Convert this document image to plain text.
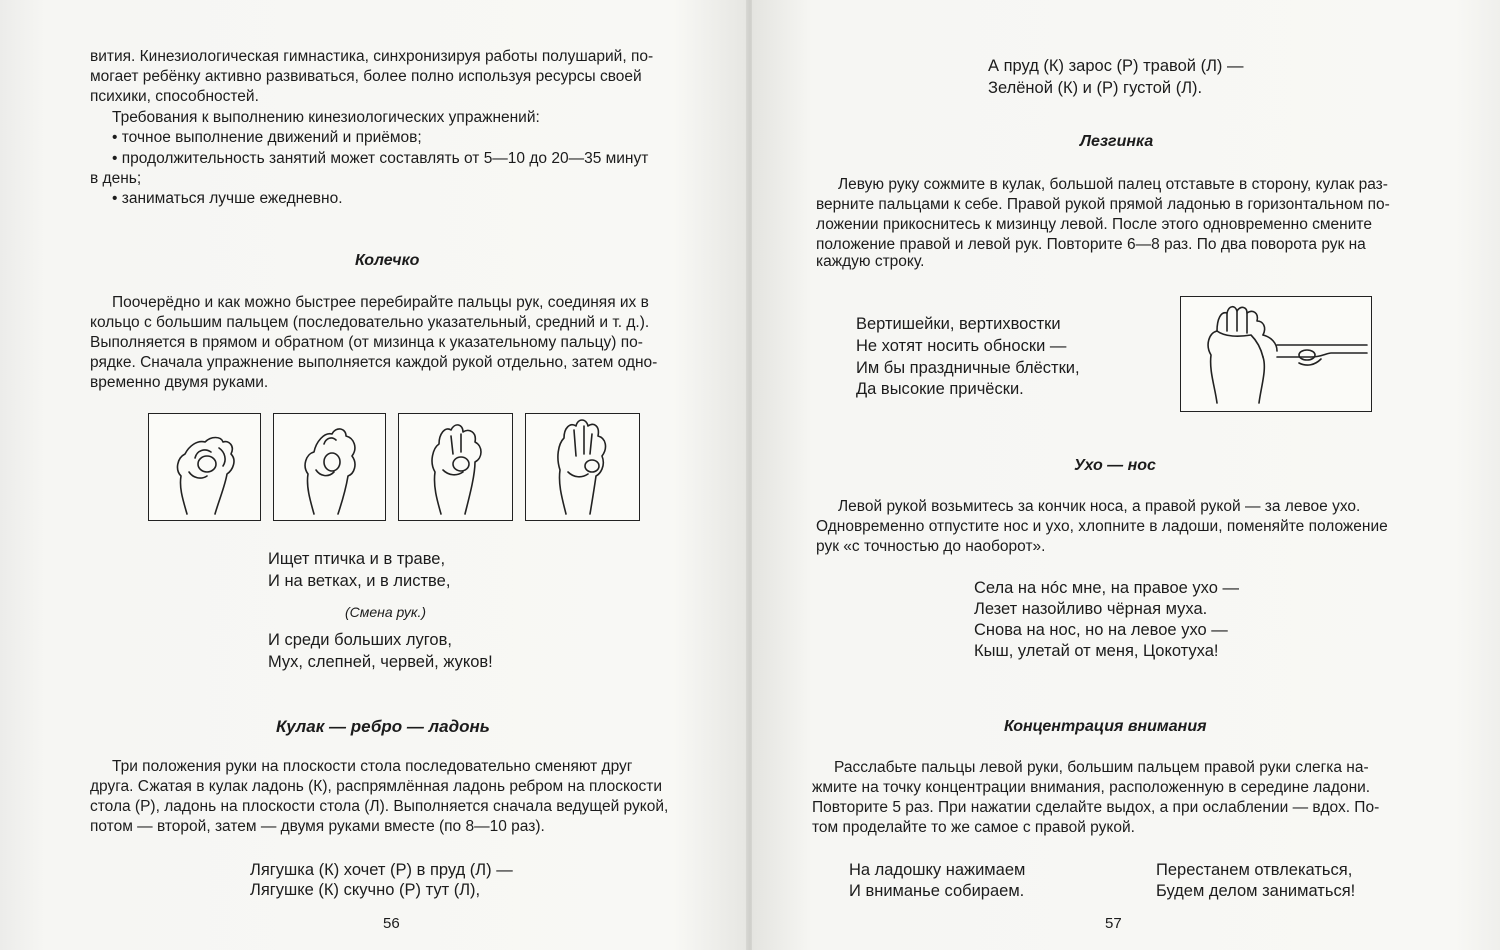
вития. Кинезиологическая гимнастика, синхронизируя работы полушарий, по-
могает ребёнку активно развиваться, более полно используя ресурсы своей
психики, способностей.
Требования к выполнению кинезиологических упражнений:
• точное выполнение движений и приёмов;
• продолжительность занятий может составлять от 5—10 до 20—35 минут
в день;
• заниматься лучше ежедневно.
Колечко
Поочерёдно и как можно быстрее перебирайте пальцы рук, соединяя их в
кольцо с большим пальцем (последовательно указательный, средний и т. д.).
Выполняется в прямом и обратном (от мизинца к указательному пальцу) по-
рядке. Сначала упражнение выполняется каждой рукой отдельно, затем одно-
временно двумя руками.
Ищет птичка и в траве,
И на ветках, и в листве,
(Смена рук.)
И среди больших лугов,
Мух, слепней, червей, жуков!
Кулак — ребро — ладонь
Три положения руки на плоскости стола последовательно сменяют друг
друга. Сжатая в кулак ладонь (К), распрямлённая ладонь ребром на плоскости
стола (Р), ладонь на плоскости стола (Л). Выполняется сначала ведущей рукой,
потом — второй, затем — двумя руками вместе (по 8—10 раз).
Лягушка (К) хочет (Р) в пруд (Л) —
Лягушке (К) скучно (Р) тут (Л),
56
А пруд (К) зарос (Р) травой (Л) —
Зелёной (К) и (Р) густой (Л).
Лезгинка
Левую руку сожмите в кулак, большой палец отставьте в сторону, кулак раз-
верните пальцами к себе. Правой рукой прямой ладонью в горизонтальном по-
ложении прикоснитесь к мизинцу левой. После этого одновременно смените
положение правой и левой рук. Повторите 6—8 раз. По два поворота рук на
каждую строку.
Вертишейки, вертихвостки
Не хотят носить обноски —
Им бы праздничные блёстки,
Да высокие причёски.
Ухо — нос
Левой рукой возьмитесь за кончик носа, а правой рукой — за левое ухо.
Одновременно отпустите нос и ухо, хлопните в ладоши, поменяйте положение
рук «с точностью до наоборот».
Села на нóс мне, на правое ухо —
Лезет назойливо чёрная муха.
Снова на нос, но на левое ухо —
Кыш, улетай от меня, Цокотуха!
Концентрация внимания
Расслабьте пальцы левой руки, большим пальцем правой руки слегка на-
жмите на точку концентрации внимания, расположенную в середине ладони.
Повторите 5 раз. При нажатии сделайте выдох, а при ослаблении — вдох. По-
том проделайте то же самое с правой рукой.
На ладошку нажимаем
И вниманье собираем.
Перестанем отвлекаться,
Будем делом заниматься!
57
